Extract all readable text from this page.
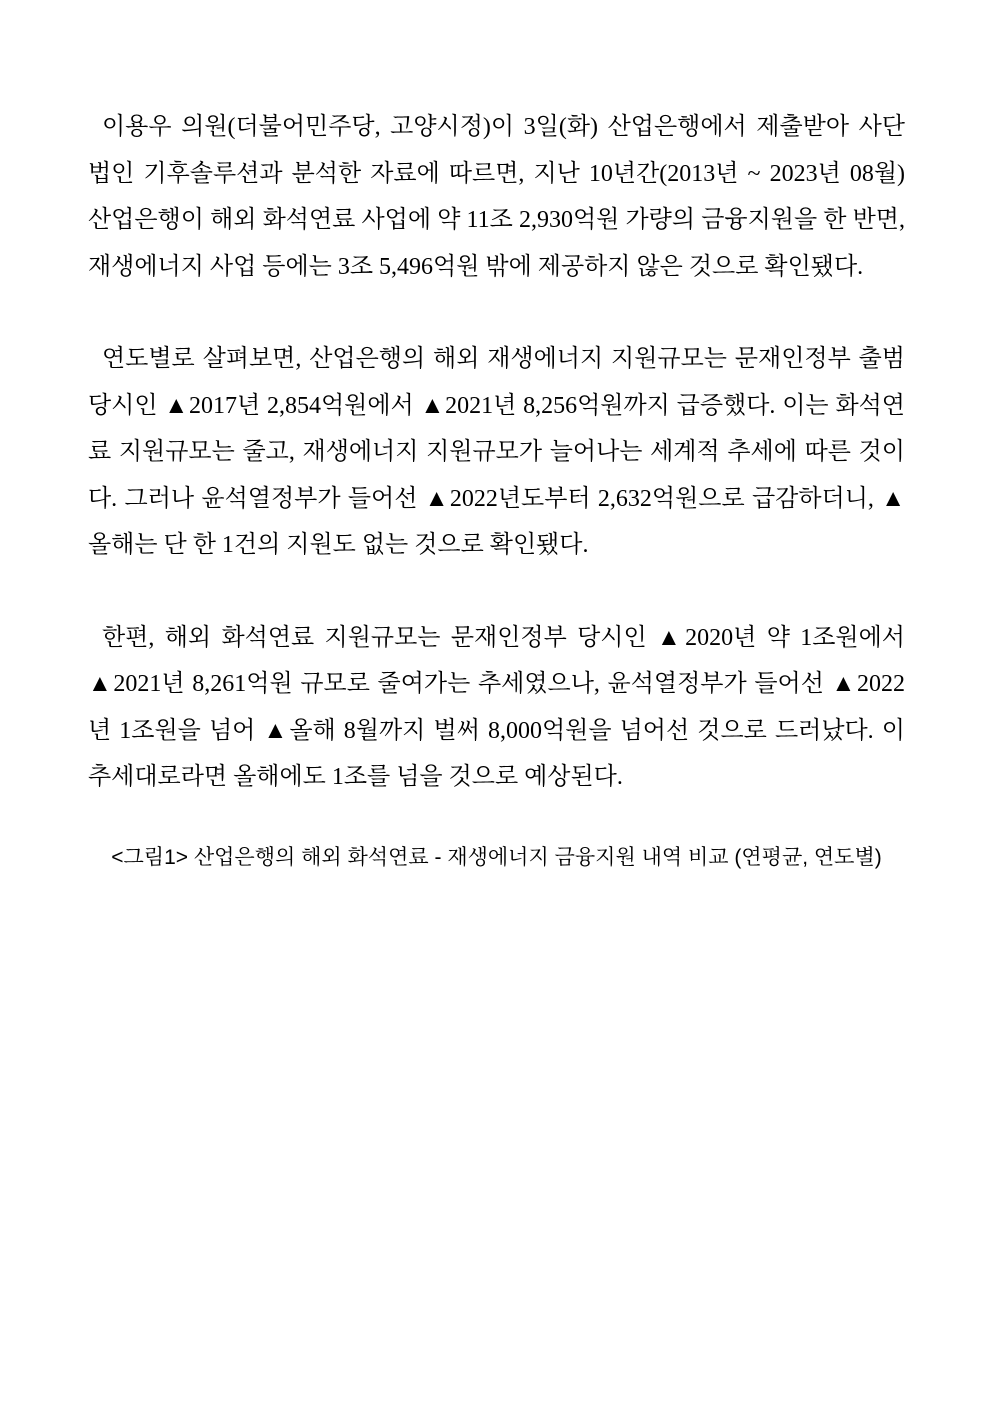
이용우 의원(더불어민주당, 고양시정)이 3일(화) 산업은행에서 제출받아 사단법인 기후솔루션과 분석한 자료에 따르면, 지난 10년간(2013년 ~ 2023년 08월) 산업은행이 해외 화석연료 사업에 약 11조 2,930억원 가량의 금융지원을 한 반면, 재생에너지 사업 등에는 3조 5,496억원 밖에 제공하지 않은 것으로 확인됐다.

연도별로 살펴보면, 산업은행의 해외 재생에너지 지원규모는 문재인정부 출범 당시인 ▲2017년 2,854억원에서 ▲2021년 8,256억원까지 급증했다. 이는 화석연료 지원규모는 줄고, 재생에너지 지원규모가 늘어나는 세계적 추세에 따른 것이다. 그러나 윤석열정부가 들어선 ▲2022년도부터 2,632억원으로 급감하더니, ▲올해는 단 한 1건의 지원도 없는 것으로 확인됐다.

한편, 해외 화석연료 지원규모는 문재인정부 당시인 ▲2020년 약 1조원에서 ▲2021년 8,261억원 규모로 줄여가는 추세였으나, 윤석열정부가 들어선 ▲2022년 1조원을 넘어 ▲올해 8월까지 벌써 8,000억원을 넘어선 것으로 드러났다. 이 추세대로라면 올해에도 1조를 넘을 것으로 예상된다.

<그림1> 산업은행의 해외 화석연료 - 재생에너지 금융지원 내역 비교 (연평균, 연도별)
